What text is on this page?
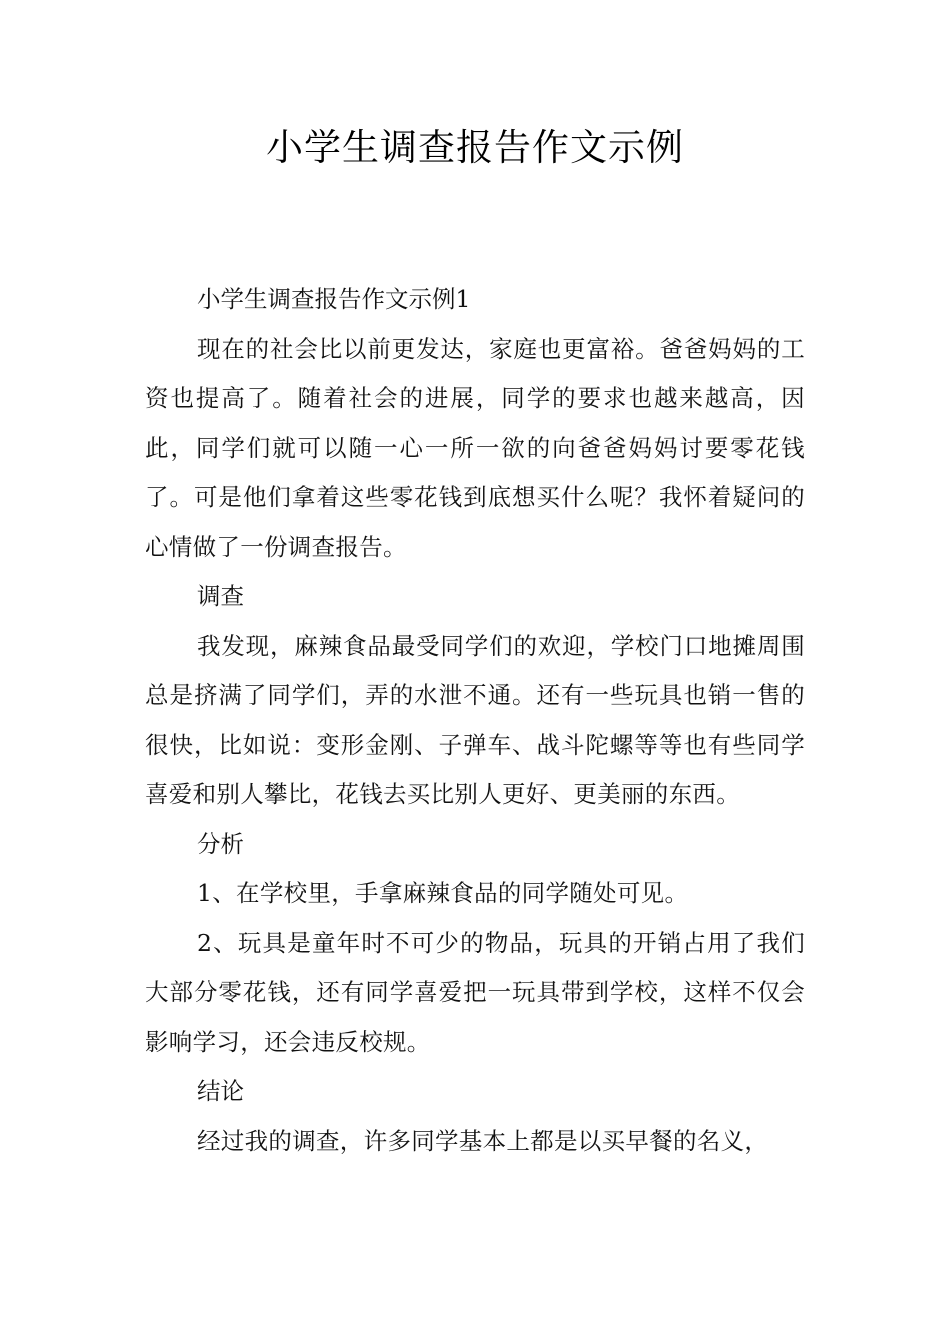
小学生调查报告作文示例

小学生调查报告作文示例1

现在的社会比以前更发达，家庭也更富裕。爸爸妈妈的工资也提高了。随着社会的进展，同学的要求也越来越高，因此，同学们就可以随一心一所一欲的向爸爸妈妈讨要零花钱了。可是他们拿着这些零花钱到底想买什么呢？我怀着疑问的心情做了一份调查报告。

调查

我发现，麻辣食品最受同学们的欢迎，学校门口地摊周围总是挤满了同学们，弄的水泄不通。还有一些玩具也销一售的很快，比如说：变形金刚、子弹车、战斗陀螺等等也有些同学喜爱和别人攀比，花钱去买比别人更好、更美丽的东西。

分析

1、在学校里，手拿麻辣食品的同学随处可见。

2、玩具是童年时不可少的物品，玩具的开销占用了我们大部分零花钱，还有同学喜爱把一玩具带到学校，这样不仅会影响学习，还会违反校规。

结论

经过我的调查，许多同学基本上都是以买早餐的名义，
